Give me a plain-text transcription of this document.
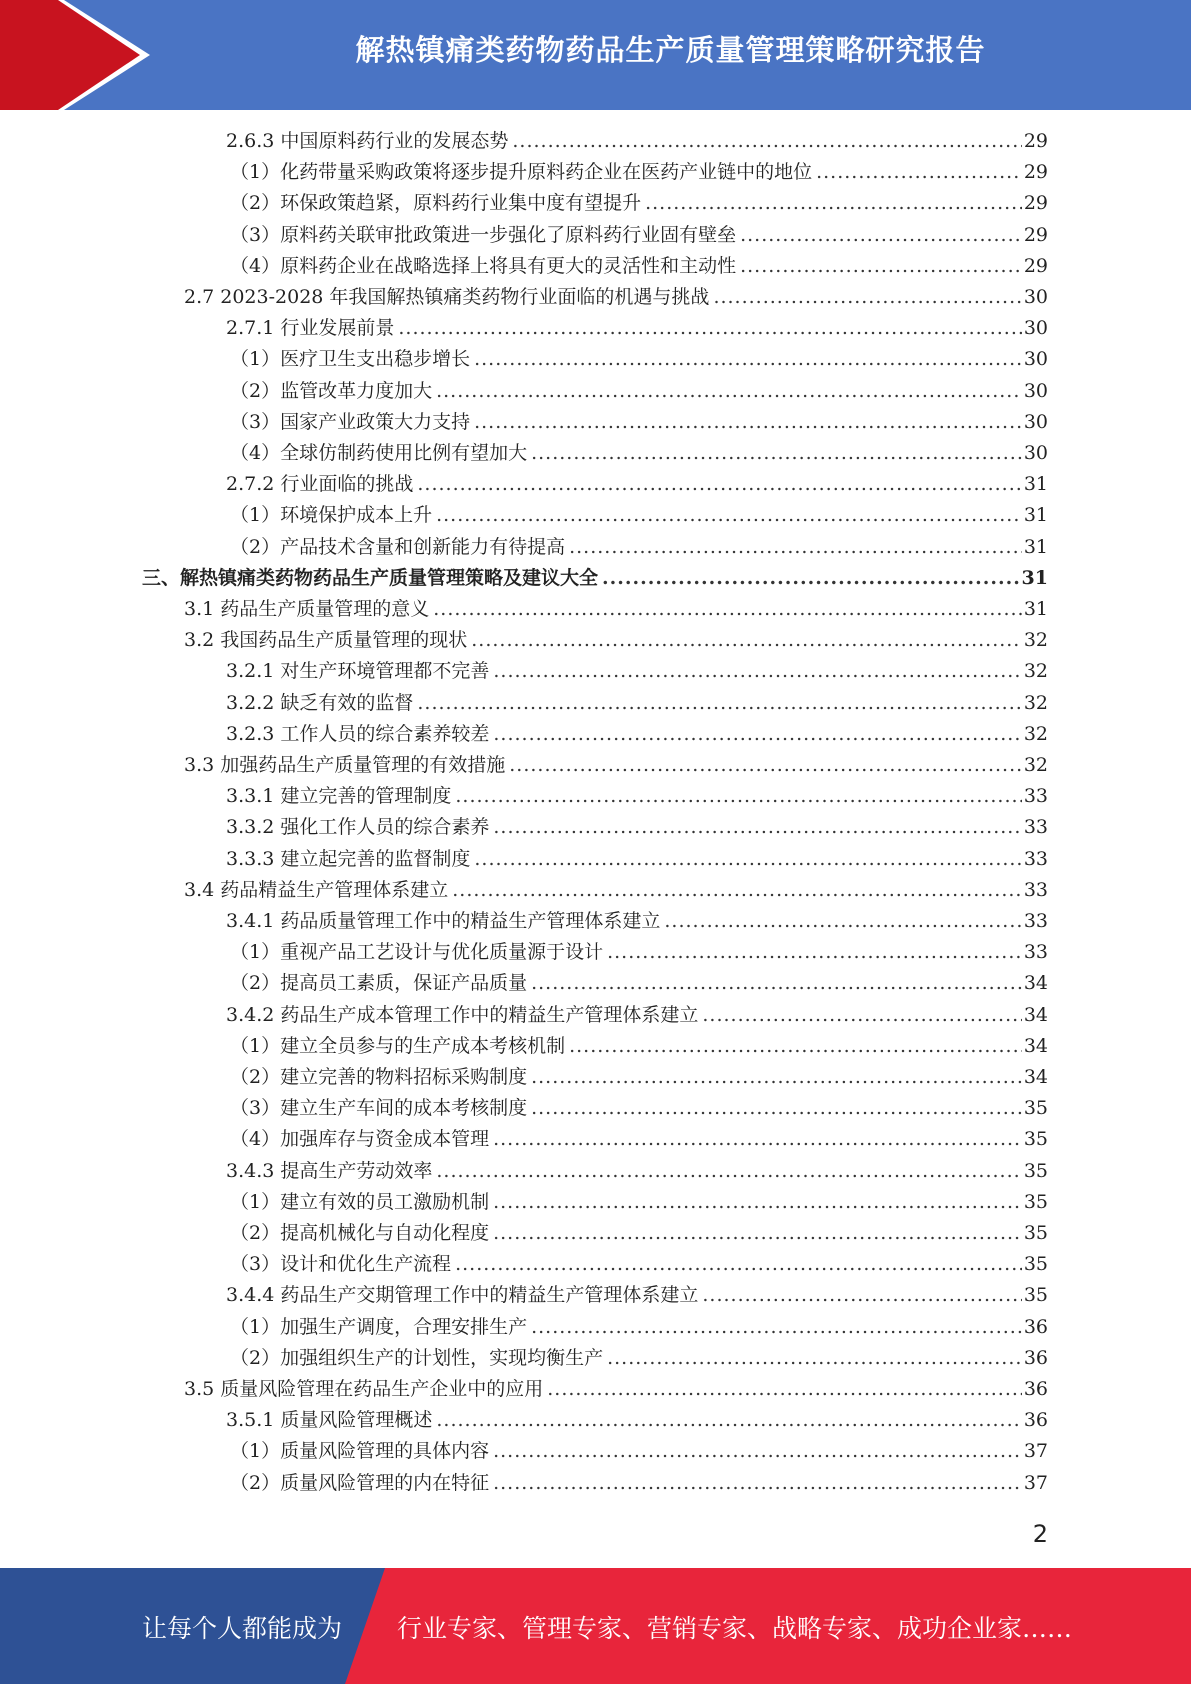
解热镇痛类药物药品生产质量管理策略研究报告
2.6.3 中国原料药行业的发展态势 .....	29
（1）化药带量采购政策将逐步提升原料药企业在医药产业链中的地位 .....	29
（2）环保政策趋紧，原料药行业集中度有望提升 .....	29
（3）原料药关联审批政策进一步强化了原料药行业固有壁垒 .....	29
（4）原料药企业在战略选择上将具有更大的灵活性和主动性 .....	29
2.7 2023-2028 年我国解热镇痛类药物行业面临的机遇与挑战 .....	30
2.7.1 行业发展前景 .....	30
（1）医疗卫生支出稳步增长 .....	30
（2）监管改革力度加大 .....	30
（3）国家产业政策大力支持 .....	30
（4）全球仿制药使用比例有望加大 .....	30
2.7.2 行业面临的挑战 .....	31
（1）环境保护成本上升 .....	31
（2）产品技术含量和创新能力有待提高 .....	31
三、解热镇痛类药物药品生产质量管理策略及建议大全 .....	31
3.1 药品生产质量管理的意义 .....	31
3.2 我国药品生产质量管理的现状 .....	32
3.2.1 对生产环境管理都不完善 .....	32
3.2.2 缺乏有效的监督 .....	32
3.2.3 工作人员的综合素养较差 .....	32
3.3 加强药品生产质量管理的有效措施 .....	32
3.3.1 建立完善的管理制度 .....	33
3.3.2 强化工作人员的综合素养 .....	33
3.3.3 建立起完善的监督制度 .....	33
3.4 药品精益生产管理体系建立 .....	33
3.4.1 药品质量管理工作中的精益生产管理体系建立 .....	33
（1）重视产品工艺设计与优化质量源于设计 .....	33
（2）提高员工素质，保证产品质量 .....	34
3.4.2 药品生产成本管理工作中的精益生产管理体系建立 .....	34
（1）建立全员参与的生产成本考核机制 .....	34
（2）建立完善的物料招标采购制度 .....	34
（3）建立生产车间的成本考核制度 .....	35
（4）加强库存与资金成本管理 .....	35
3.4.3 提高生产劳动效率 .....	35
（1）建立有效的员工激励机制 .....	35
（2）提高机械化与自动化程度 .....	35
（3）设计和优化生产流程 .....	35
3.4.4 药品生产交期管理工作中的精益生产管理体系建立 .....	35
（1）加强生产调度，合理安排生产 .....	36
（2）加强组织生产的计划性，实现均衡生产 .....	36
3.5 质量风险管理在药品生产企业中的应用 .....	36
3.5.1 质量风险管理概述 .....	36
（1）质量风险管理的具体内容 .....	37
（2）质量风险管理的内在特征 .....	37
2
让每个人都能成为 行业专家、管理专家、营销专家、战略专家、成功企业家……
